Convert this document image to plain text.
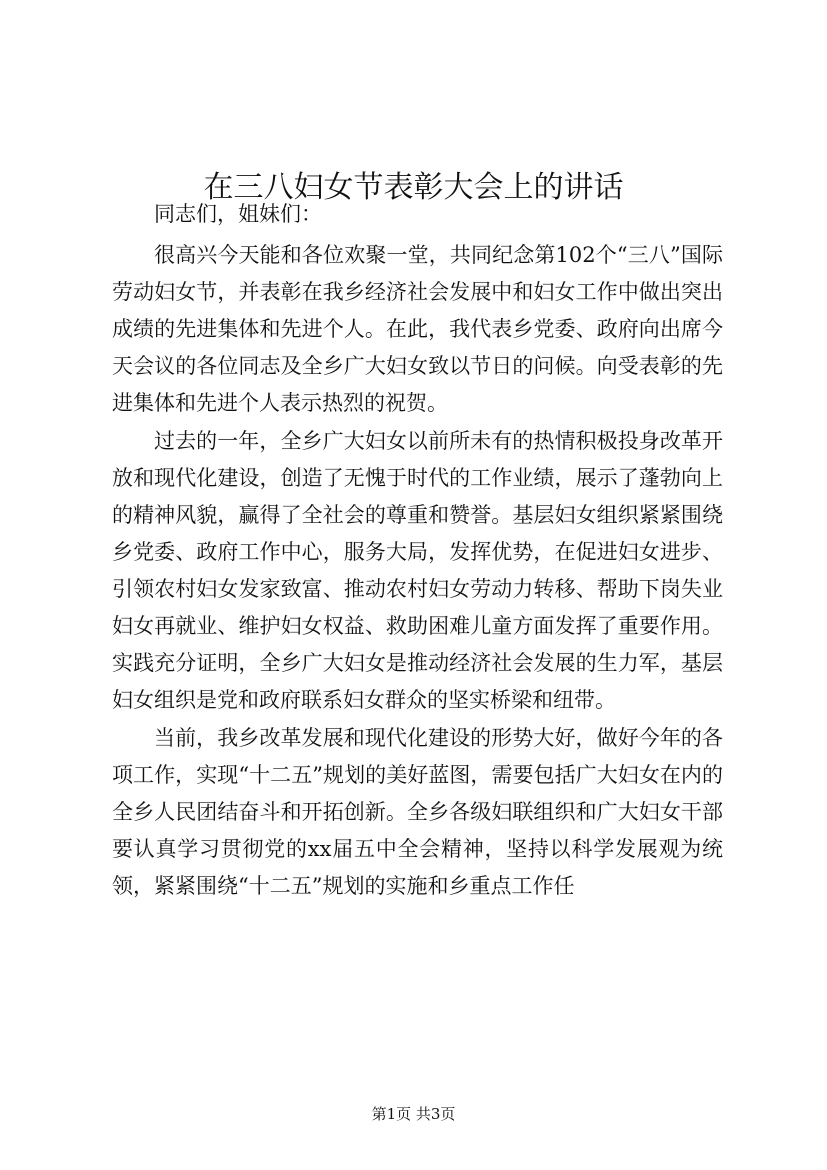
在三八妇女节表彰大会上的讲话

同志们，姐妹们：

很高兴今天能和各位欢聚一堂，共同纪念第102个“三八”国际劳动妇女节，并表彰在我乡经济社会发展中和妇女工作中做出突出成绩的先进集体和先进个人。在此，我代表乡党委、政府向出席今天会议的各位同志及全乡广大妇女致以节日的问候。向受表彰的先进集体和先进个人表示热烈的祝贺。

过去的一年，全乡广大妇女以前所未有的热情积极投身改革开放和现代化建设，创造了无愧于时代的工作业绩，展示了蓬勃向上的精神风貌，赢得了全社会的尊重和赞誉。基层妇女组织紧紧围绕乡党委、政府工作中心，服务大局，发挥优势，在促进妇女进步、引领农村妇女发家致富、推动农村妇女劳动力转移、帮助下岗失业妇女再就业、维护妇女权益、救助困难儿童方面发挥了重要作用。实践充分证明，全乡广大妇女是推动经济社会发展的生力军，基层妇女组织是党和政府联系妇女群众的坚实桥梁和纽带。

当前，我乡改革发展和现代化建设的形势大好，做好今年的各项工作，实现“十二五”规划的美好蓝图，需要包括广大妇女在内的全乡人民团结奋斗和开拓创新。全乡各级妇联组织和广大妇女干部要认真学习贯彻党的xx届五中全会精神，坚持以科学发展观为统领，紧紧围绕“十二五”规划的实施和乡重点工作任

第1页 共3页
